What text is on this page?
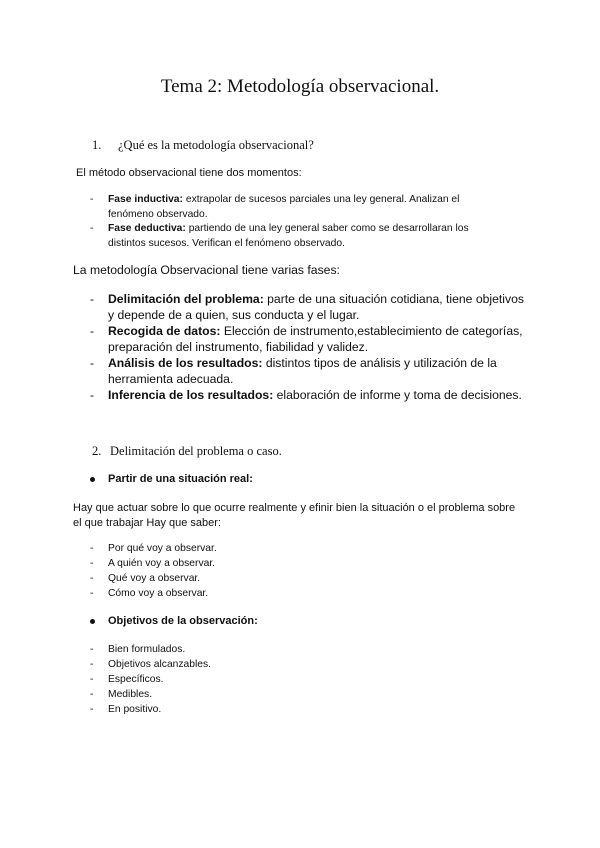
Tema 2: Metodología observacional.
1. ¿Qué es la metodología observacional?
El método observacional tiene dos momentos:
- Fase inductiva: extrapolar de sucesos parciales una ley general. Analizan el
fenómeno observado.
- Fase deductiva: partiendo de una ley general saber como se desarrollaran los
distintos sucesos. Verifican el fenómeno observado.
La metodología Observacional tiene varias fases:
- Delimitación del problema: parte de una situación cotidiana, tiene objetivos
y depende de a quien, sus conducta y el lugar.
- Recogida de datos: Elección de instrumento,establecimiento de categorías,
preparación del instrumento, fiabilidad y validez.
- Análisis de los resultados: distintos tipos de análisis y utilización de la
herramienta adecuada.
- Inferencia de los resultados: elaboración de informe y toma de decisiones.
2. Delimitación del problema o caso.
Partir de una situación real:
Hay que actuar sobre lo que ocurre realmente y efinir bien la situación o el problema sobre
el que trabajar Hay que saber:
- Por qué voy a observar.
- A quién voy a observar.
- Qué voy a observar.
- Cómo voy a observar.
Objetivos de la observación:
- Bien formulados.
- Objetivos alcanzables.
- Específicos.
- Medibles.
- En positivo.
